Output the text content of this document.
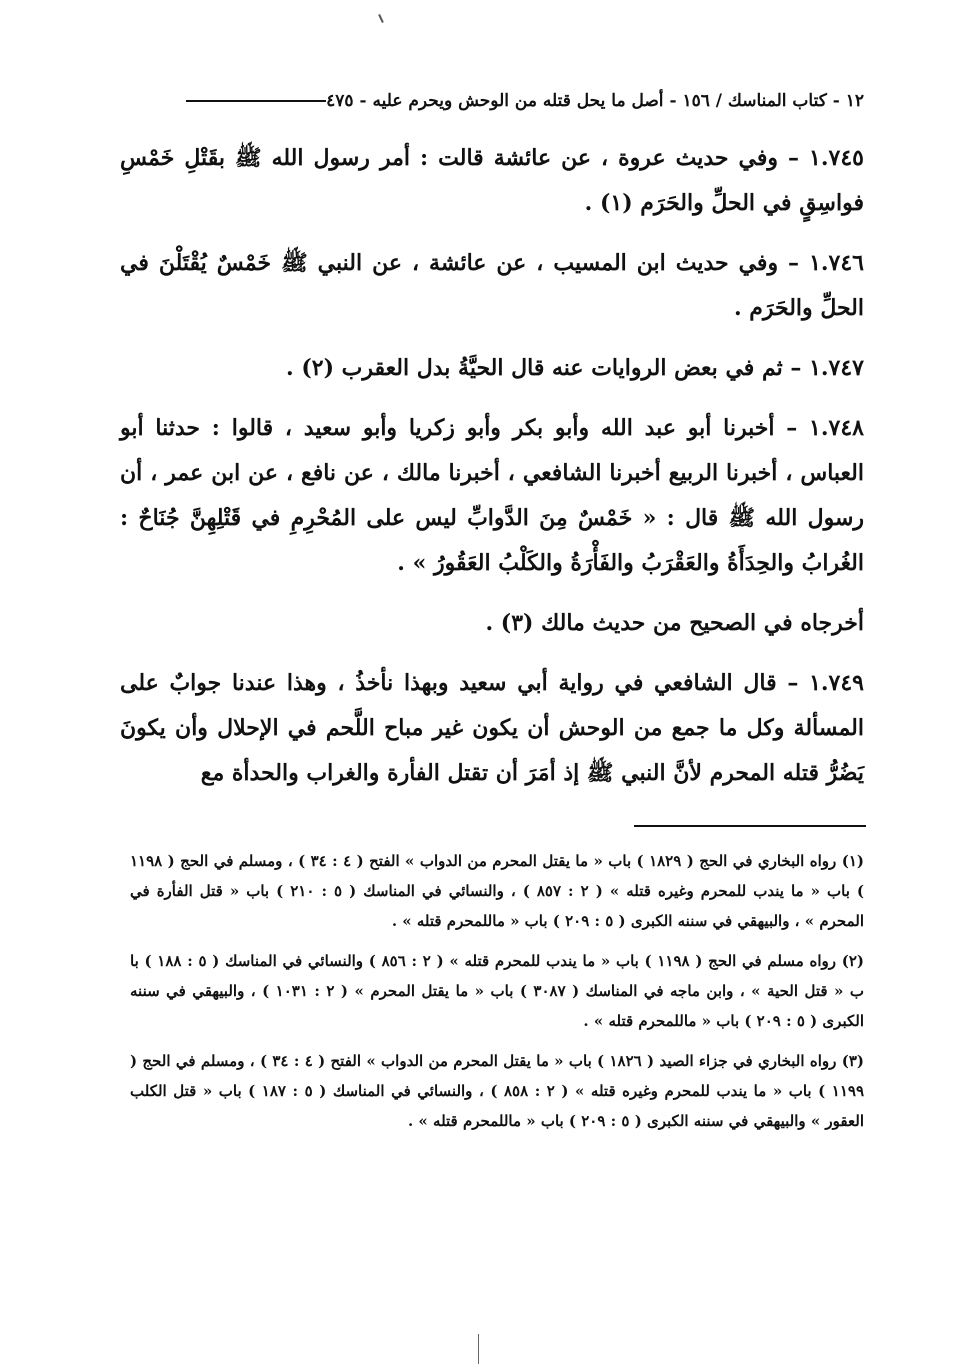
١٢ - كتاب المناسك / ١٥٦ - أصل ما يحل قتله من الوحش ويحرم عليه - ٤٧٥

١.٧٤٥ – وفي حديث عروة ، عن عائشة قالت : أمر رسول الله ﷺ بقَتْلِ خَمْسِ فواسِقٍ في الحلِّ والحَرَم (١) .

١.٧٤٦ – وفي حديث ابن المسيب ، عن عائشة ، عن النبي ﷺ خَمْسٌ يُقْتَلْنَ في الحلِّ والحَرَم .

١.٧٤٧ – ثم في بعض الروايات عنه قال الحيَّةُ بدل العقرب (٢) .

١.٧٤٨ – أخبرنا أبو عبد الله وأبو بكر وأبو زكريا وأبو سعيد ، قالوا : حدثنا أبو العباس ، أخبرنا الربيع أخبرنا الشافعي ، أخبرنا مالك ، عن نافع ، عن ابن عمر ، أن رسول الله ﷺ قال : « خَمْسٌ مِنَ الدَّوابِّ ليس على المُحْرِمِ في قَتْلِهِنَّ جُنَاحٌ : الغُرابُ والحِدَأَةُ والعَقْرَبُ والفَأْرَةُ والكَلْبُ العَقُورُ » .

أخرجاه في الصحيح من حديث مالك (٣) .

١.٧٤٩ – قال الشافعي في رواية أبي سعيد وبهذا نأخذُ ، وهذا عندنا جوابٌ على المسألة وكل ما جمع من الوحش أن يكون غير مباح اللَّحم في الإحلال وأن يكونَ يَضُرُّ قتله المحرم لأنَّ النبي ﷺ إذ أمَرَ أن تقتل الفأرة والغراب والحدأة مع

(١) رواه البخاري في الحج ( ١٨٢٩ ) باب « ما يقتل المحرم من الدواب » الفتح ( ٤ : ٣٤ ) ، ومسلم في الحج ( ١١٩٨ ) باب « ما يندب للمحرم وغيره قتله » ( ٢ : ٨٥٧ ) ، والنسائي في المناسك ( ٥ : ٢١٠ ) باب « قتل الفأرة في المحرم » ، والبيهقي في سننه الكبرى ( ٥ : ٢٠٩ ) باب « ماللمحرم قتله » .

(٢) رواه مسلم في الحج ( ١١٩٨ ) باب « ما يندب للمحرم قتله » ( ٢ : ٨٥٦ ) والنسائي في المناسك ( ٥ : ١٨٨ ) با ب « قتل الحية » ، وابن ماجه في المناسك ( ٣٠٨٧ ) باب « ما يقتل المحرم » ( ٢ : ١٠٣١ ) ، والبيهقي في سننه الكبرى ( ٥ : ٢٠٩ ) باب « ماللمحرم قتله » .

(٣) رواه البخاري في جزاء الصيد ( ١٨٢٦ ) باب « ما يقتل المحرم من الدواب » الفتح ( ٤ : ٣٤ ) ، ومسلم في الحج ( ١١٩٩ ) باب « ما يندب للمحرم وغيره قتله » ( ٢ : ٨٥٨ ) ، والنسائي في المناسك ( ٥ : ١٨٧ ) باب « قتل الكلب العقور » والبيهقي في سننه الكبرى ( ٥ : ٢٠٩ ) باب « ماللمحرم قتله » .
